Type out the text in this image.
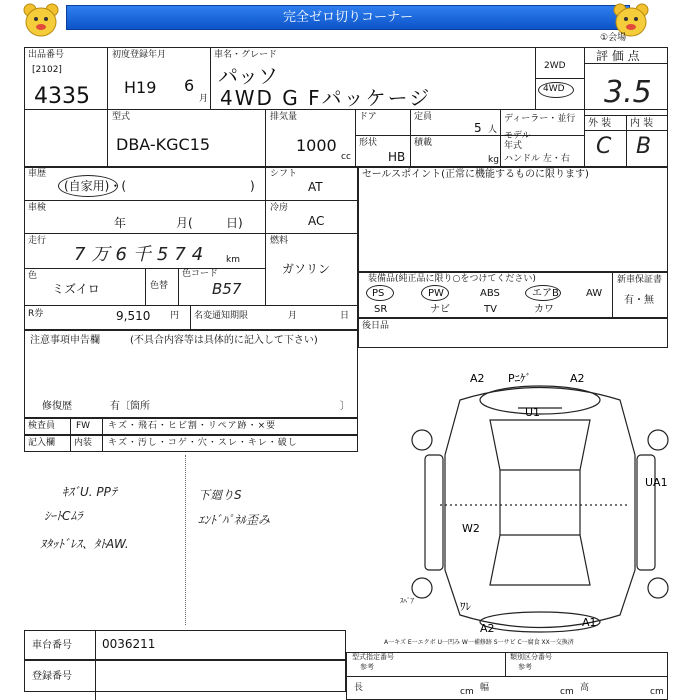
完全ゼロ切りコーナー
①会場
出品番号
[2102]
4335
初度登録年月
H19 6
月
車名・グレード
パッソ
4WD G Fパッケージ
2WD
4WD
評 価 点
3.5
外 装 内 装
C B
型式
DBA-KGC15
排気量
1000
cc
ドア	定員
5 人
ディーラー・並行
形状
HB
積載
kg
モデル年式
ハンドル 左・右
車歴
(自家用)・(	)
シフト
AT
車検
年	月(	日)
冷房
AC
走行
7万6千574 km
燃料
ガソリン
色
ミズイロ	色替
色コード
B57
R券	9,510 円 名変通知期限	月	日
注意事項申告欄	(不具合内容等は具体的に記入して下さい)
修復歴	有〔箇所	〕
セールスポイント(正常に機能するものに限ります)
装備品(純正品に限り○をつけてください)	新車保証書
有・無
PS	PW	ABS	エアB	AW
SR	ナビ	TV	カワ
後日品
検査員
記入欄
FW
内装
キズ・飛石・ヒビ割・リペア跡・×要
キズ・汚し・コゲ・穴・スレ・キレ・破し
ｷｽﾞU. PPﾃ
ｼｰﾄCﾑﾗ
ﾇﾀｯﾄﾞﾚｽ、ﾀﾄAW.
下廻りS
ｴﾝﾄﾞﾊﾟﾈﾙ歪み
A2 Pﾆｹﾞ	A2
U1
UA1
W2
ﾜﾚ
A2	A1
ｽﾍﾟｱ
A一キズ E一エクボ U一凹み W一補修跡 S一サビ C一腐食 XX一交換済
車台番号	0036211
登録番号
型式指定番号
参考
類別区分番号
参考
長	cm 幅	cm 高	cm
